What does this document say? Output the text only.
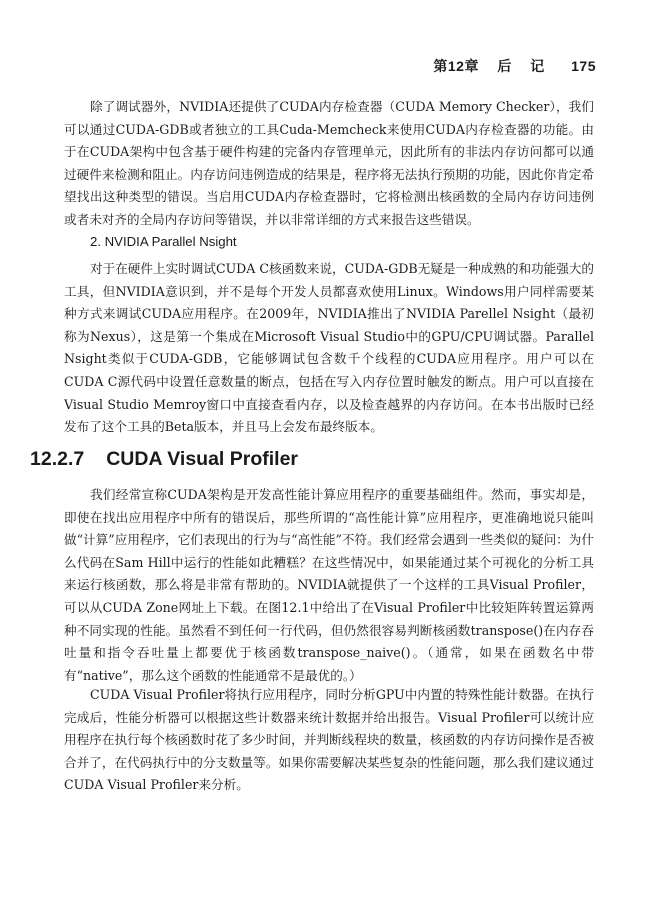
第12章 后 记 175

除了调试器外，NVIDIA还提供了CUDA内存检查器（CUDA Memory Checker），我们可以通过CUDA-GDB或者独立的工具Cuda-Memcheck来使用CUDA内存检查器的功能。由于在CUDA架构中包含基于硬件构建的完备内存管理单元，因此所有的非法内存访问都可以通过硬件来检测和阻止。内存访问违例造成的结果是，程序将无法执行预期的功能，因此你肯定希望找出这种类型的错误。当启用CUDA内存检查器时，它将检测出核函数的全局内存访问违例或者未对齐的全局内存访问等错误，并以非常详细的方式来报告这些错误。

2. NVIDIA Parallel Nsight

对于在硬件上实时调试CUDA C核函数来说，CUDA-GDB无疑是一种成熟的和功能强大的工具，但NVIDIA意识到，并不是每个开发人员都喜欢使用Linux。Windows用户同样需要某种方式来调试CUDA应用程序。在2009年，NVIDIA推出了NVIDIA Parellel Nsight（最初称为Nexus），这是第一个集成在Microsoft Visual Studio中的GPU/CPU调试器。Parallel Nsight类似于CUDA-GDB，它能够调试包含数千个线程的CUDA应用程序。用户可以在CUDA C源代码中设置任意数量的断点，包括在写入内存位置时触发的断点。用户可以直接在Visual Studio Memroy窗口中直接查看内存，以及检查越界的内存访问。在本书出版时已经发布了这个工具的Beta版本，并且马上会发布最终版本。

12.2.7 CUDA Visual Profiler

我们经常宣称CUDA架构是开发高性能计算应用程序的重要基础组件。然而，事实却是，即使在找出应用程序中所有的错误后，那些所谓的“高性能计算”应用程序，更准确地说只能叫做“计算”应用程序，它们表现出的行为与“高性能”不符。我们经常会遇到一些类似的疑问：为什么代码在Sam Hill中运行的性能如此糟糕？在这些情况中，如果能通过某个可视化的分析工具来运行核函数，那么将是非常有帮助的。NVIDIA就提供了一个这样的工具Visual Profiler，可以从CUDA Zone网址上下载。在图12.1中给出了在Visual Profiler中比较矩阵转置运算两种不同实现的性能。虽然看不到任何一行代码，但仍然很容易判断核函数transpose()在内存吞吐量和指令吞吐量上都要优于核函数transpose_naive()。（通常，如果在函数名中带有“native”，那么这个函数的性能通常不是最优的。）

CUDA Visual Profiler将执行应用程序，同时分析GPU中内置的特殊性能计数器。在执行完成后，性能分析器可以根据这些计数器来统计数据并给出报告。Visual Profiler可以统计应用程序在执行每个核函数时花了多少时间，并判断线程块的数量，核函数的内存访问操作是否被合并了，在代码执行中的分支数量等。如果你需要解决某些复杂的性能问题，那么我们建议通过CUDA Visual Profiler来分析。
